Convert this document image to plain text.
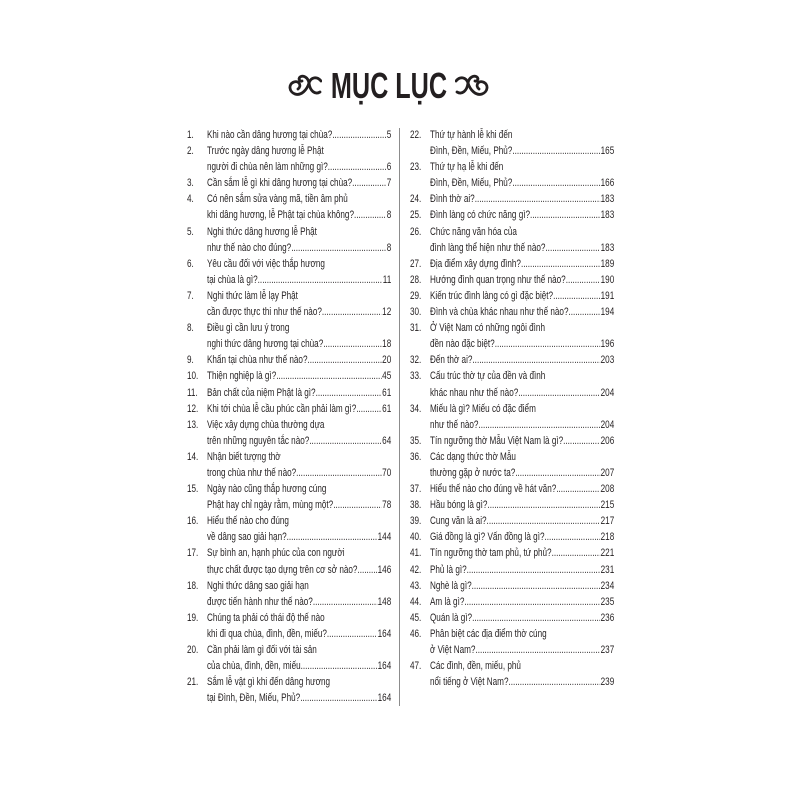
MỤC LỤC
1.	Khi nào cần dâng hương tại chùa? .....	5
2.	Trước ngày dâng hương lễ Phật
người đi chùa nên làm những gì? .....	6
3.	Cần sắm lễ gì khi dâng hương tại chùa? .....	7
4.	Có nên sắm sửa vàng mã, tiền âm phủ
khi dâng hương, lễ Phật tại chùa không? .....	8
5.	Nghi thức dâng hương lễ Phật
như thế nào cho đúng? .....	8
6.	Yêu cầu đối với việc thắp hương
tại chùa là gì? .....	11
7.	Nghi thức làm lễ lạy Phật
cần được thực thi như thế nào? .....	12
8.	Điều gì cần lưu ý trong
nghi thức dâng hương tại chùa? .....	18
9.	Khấn tại chùa như thế nào? .....	20
10. Thiện nghiệp là gì? .....	45
11. Bản chất của niệm Phật là gì? .....	61
12. Khi tới chùa lễ cầu phúc cần phải làm gì? ..... 61
13. Việc xây dựng chùa thường dựa
trên những nguyên tắc nào? .....	64
14. Nhận biết tượng thờ
trong chùa như thế nào? .....	70
15. Ngày nào cũng thắp hương cúng
Phật hay chỉ ngày rằm, mùng một? .....	78
16. Hiểu thế nào cho đúng
về dâng sao giải hạn? .....	144
17. Sự bình an, hạnh phúc của con người
thực chất được tạo dựng trên cơ sở nào? ..... 146
18. Nghi thức dâng sao giải hạn
được tiến hành như thế nào? .....	148
19. Chúng ta phải có thái độ thế nào
khi đi qua chùa, đình, đền, miếu? .....	164
20. Cần phải làm gì đối với tài sản
của chùa, đình, đền, miếu .....	164
21. Sắm lễ vật gì khi đến dâng hương
tại Đình, Đền, Miếu, Phủ? .....	164
22. Thứ tự hành lễ khi đến
Đình, Đền, Miếu, Phủ? .....	165
23. Thứ tự hạ lễ khi đến
Đình, Đền, Miếu, Phủ? .....	166
24. Đình thờ ai? .....	183
25. Đình làng có chức năng gì? .....	183
26. Chức năng văn hóa của
đình làng thể hiện như thế nào? .....	183
27. Địa điểm xây dựng đình? .....	189
28. Hướng đình quan trọng như thế nào? .....	190
29. Kiến trúc đình làng có gì đặc biệt? .....	191
30. Đình và chùa khác nhau như thế nào? .....	194
31. Ở Việt Nam có những ngôi đình
đền nào đặc biệt? .....	196
32. Đến thờ ai? .....	203
33. Cấu trúc thờ tự của đền và đình
khác nhau như thế nào? .....	204
34. Miếu là gì? Miếu có đặc điểm
như thế nào? .....	204
35. Tín ngưỡng thờ Mẫu Việt Nam là gì? .....	206
36. Các dạng thức thờ Mẫu
thường gặp ở nước ta? .....	207
37. Hiểu thế nào cho đúng về hát văn? .....	208
38. Hầu bóng là gì? .....	215
39. Cung văn là ai? .....	217
40. Giá đồng là gì? Vấn đồng là gì? .....	218
41. Tín ngưỡng thờ tam phủ, tứ phủ? .....	221
42. Phủ là gì? .....	231
43. Nghè là gì? .....	234
44. Am là gì? .....	235
45. Quán là gì? .....	236
46. Phân biệt các địa điểm thờ cúng
ở Việt Nam? .....	237
47. Các đình, đền, miếu, phủ
nổi tiếng ở Việt Nam? .....	239
